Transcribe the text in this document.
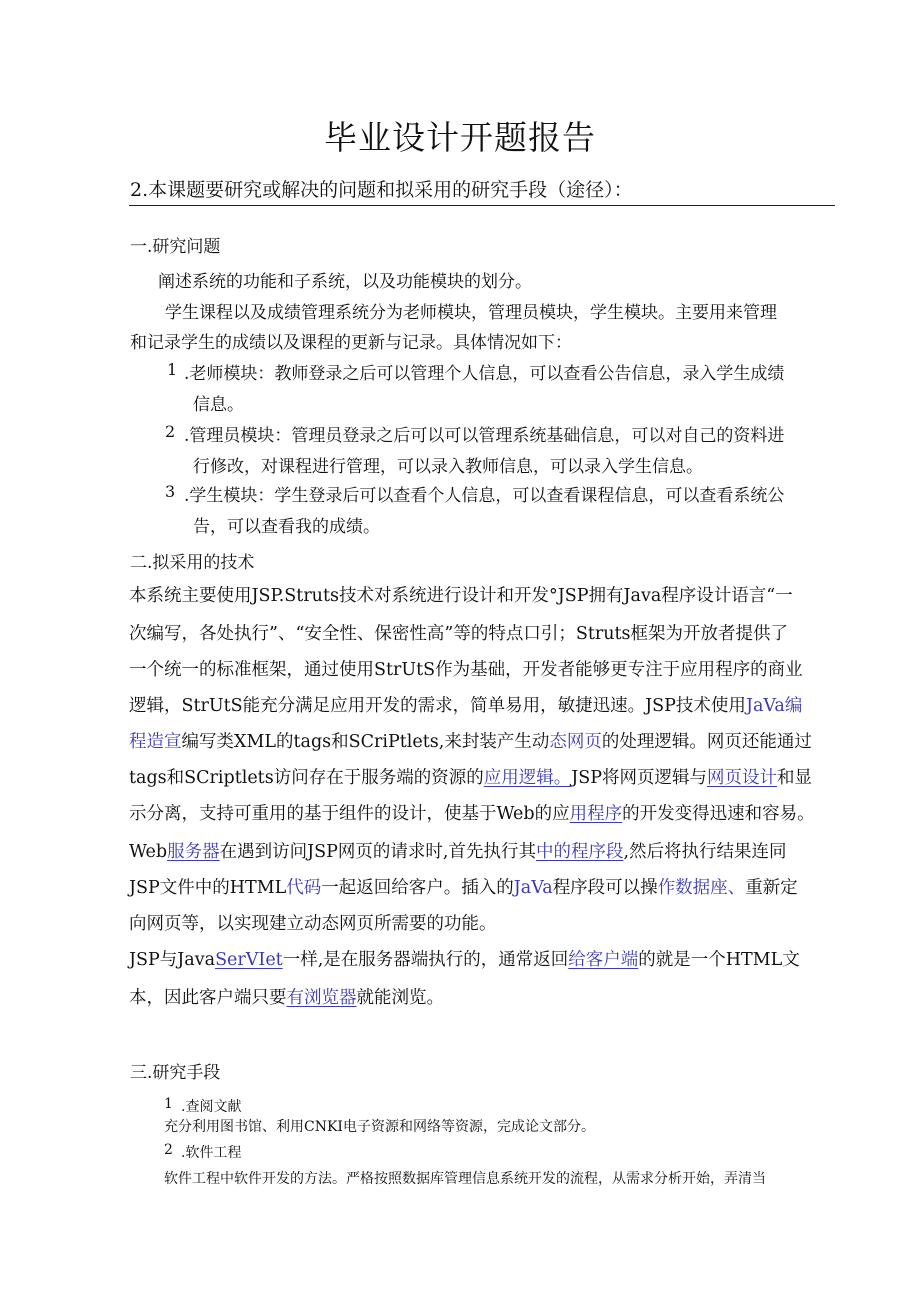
毕业设计开题报告
2.本课题要研究或解决的问题和拟采用的研究手段（途径）：
一.研究问题
阐述系统的功能和子系统，以及功能模块的划分。
学生课程以及成绩管理系统分为老师模块，管理员模块，学生模块。主要用来管理
和记录学生的成绩以及课程的更新与记录。具体情况如下：
1 .老师模块：教师登录之后可以管理个人信息，可以查看公告信息，录入学生成绩
信息。
2 .管理员模块：管理员登录之后可以可以管理系统基础信息，可以对自己的资料进
行修改，对课程进行管理，可以录入教师信息，可以录入学生信息。
3 .学生模块：学生登录后可以查看个人信息，可以查看课程信息，可以查看系统公
告，可以查看我的成绩。
二.拟采用的技术
本系统主要使用JSP.Struts技术对系统进行设计和开发°JSP拥有Java程序设计语言“一
次编写，各处执行”、“安全性、保密性高”等的特点口引；Struts框架为开放者提供了
一个统一的标准框架，通过使用StrUtS作为基础，开发者能够更专注于应用程序的商业
逻辑，StrUtS能充分满足应用开发的需求，简单易用，敏捷迅速。JSP技术使用JaVa编
程造宣编写类XML的tags和SCriPtlets,来封装产生动态网页的处理逻辑。网页还能通过
tags和SCriptlets访问存在于服务端的资源的应用逻辑。JSP将网页逻辑与网页设计和显
示分离，支持可重用的基于组件的设计，使基于Web的应用程序的开发变得迅速和容易。
Web服务器在遇到访问JSP网页的请求时,首先执行其中的程序段,然后将执行结果连同
JSP文件中的HTML代码一起返回给客户。插入的JaVa程序段可以操作数据座、重新定
向网页等，以实现建立动态网页所需要的功能。
JSP与JavaSerVIet一样,是在服务器端执行的，通常返回给客户端的就是一个HTML文
本，因此客户端只要有浏览器就能浏览。
三.研究手段
1 .查阅文献
充分利用图书馆、利用CNKI电子资源和网络等资源，完成论文部分。
2 .软件工程
软件工程中软件开发的方法。严格按照数据库管理信息系统开发的流程，从需求分析开始，弄清当
